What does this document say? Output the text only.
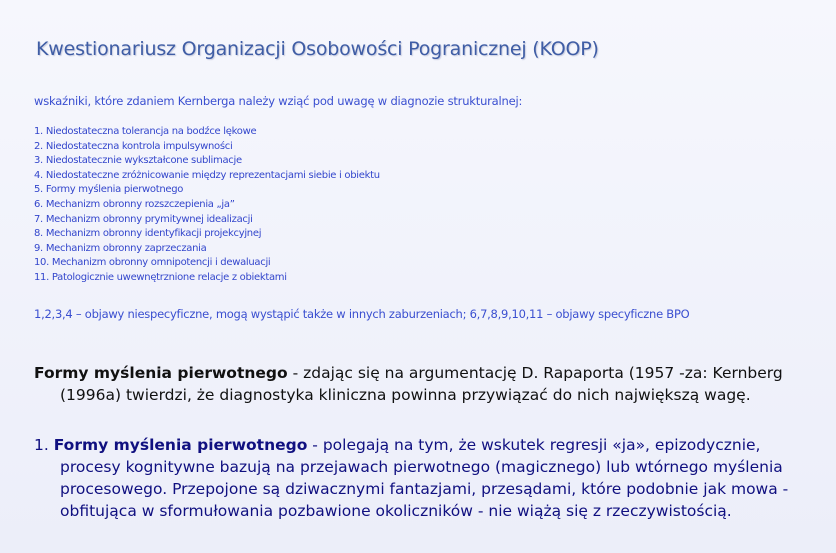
Kwestionariusz Organizacji Osobowości Pogranicznej (KOOP)
wskaźniki, które zdaniem Kernberga należy wziąć pod uwagę w diagnozie strukturalnej:
1. Niedostateczna tolerancja na bodźce lękowe
2. Niedostateczna kontrola impulsywności
3. Niedostatecznie wykształcone sublimacje
4. Niedostateczne zróżnicowanie między reprezentacjami siebie i obiektu
5. Formy myślenia pierwotnego
6. Mechanizm obronny rozszczepienia „ja”
7. Mechanizm obronny prymitywnej idealizacji
8. Mechanizm obronny identyfikacji projekcyjnej
9. Mechanizm obronny zaprzeczania
10. Mechanizm obronny omnipotencji i dewaluacji
11. Patologicznie uwewnętrznione relacje z obiektami
1,2,3,4 – objawy niespecyficzne, mogą wystąpić także w innych zaburzeniach; 6,7,8,9,10,11 – objawy specyficzne BPO
Formy myślenia pierwotnego - zdając się na argumentację D. Rapaporta (1957 -za: Kernberg
(1996a) twierdzi, że diagnostyka kliniczna powinna przywiązać do nich największą wagę.
1. Formy myślenia pierwotnego - polegają na tym, że wskutek regresji «ja», epizodycznie,
procesy kognitywne bazują na przejawach pierwotnego (magicznego) lub wtórnego myślenia
procesowego. Przepojone są dziwacznymi fantazjami, przesądami, które podobnie jak mowa -
obfitująca w sformułowania pozbawione okoliczników - nie wiążą się z rzeczywistością.
